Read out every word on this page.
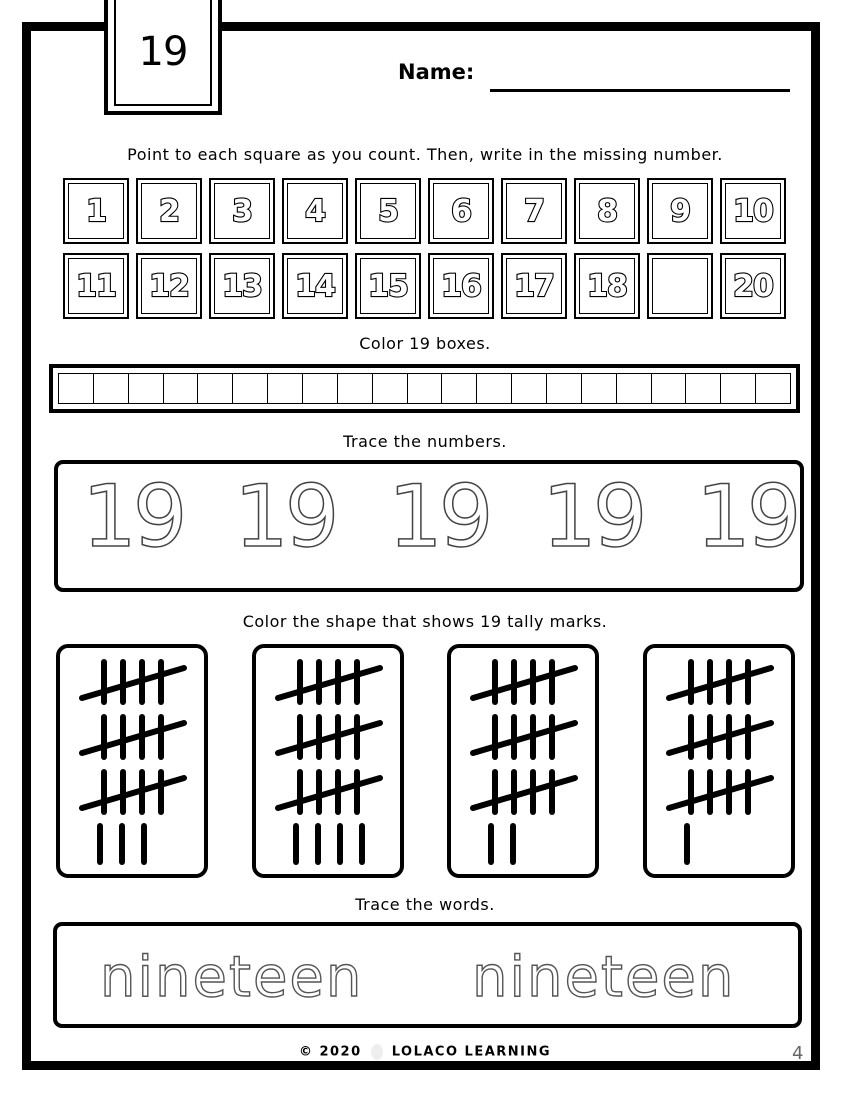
19	Name:
Point to each square as you count. Then, write in the missing number.
1 2 3 4 5 6 7 8 9 10
11 12 13 14 15 16 17 18	20
Color 19 boxes.
Trace the numbers.
19 19 19 19 19
Color the shape that shows 19 tally marks.
Trace the words.
nineteen nineteen
© 2020 LOLACO LEARNING	4
